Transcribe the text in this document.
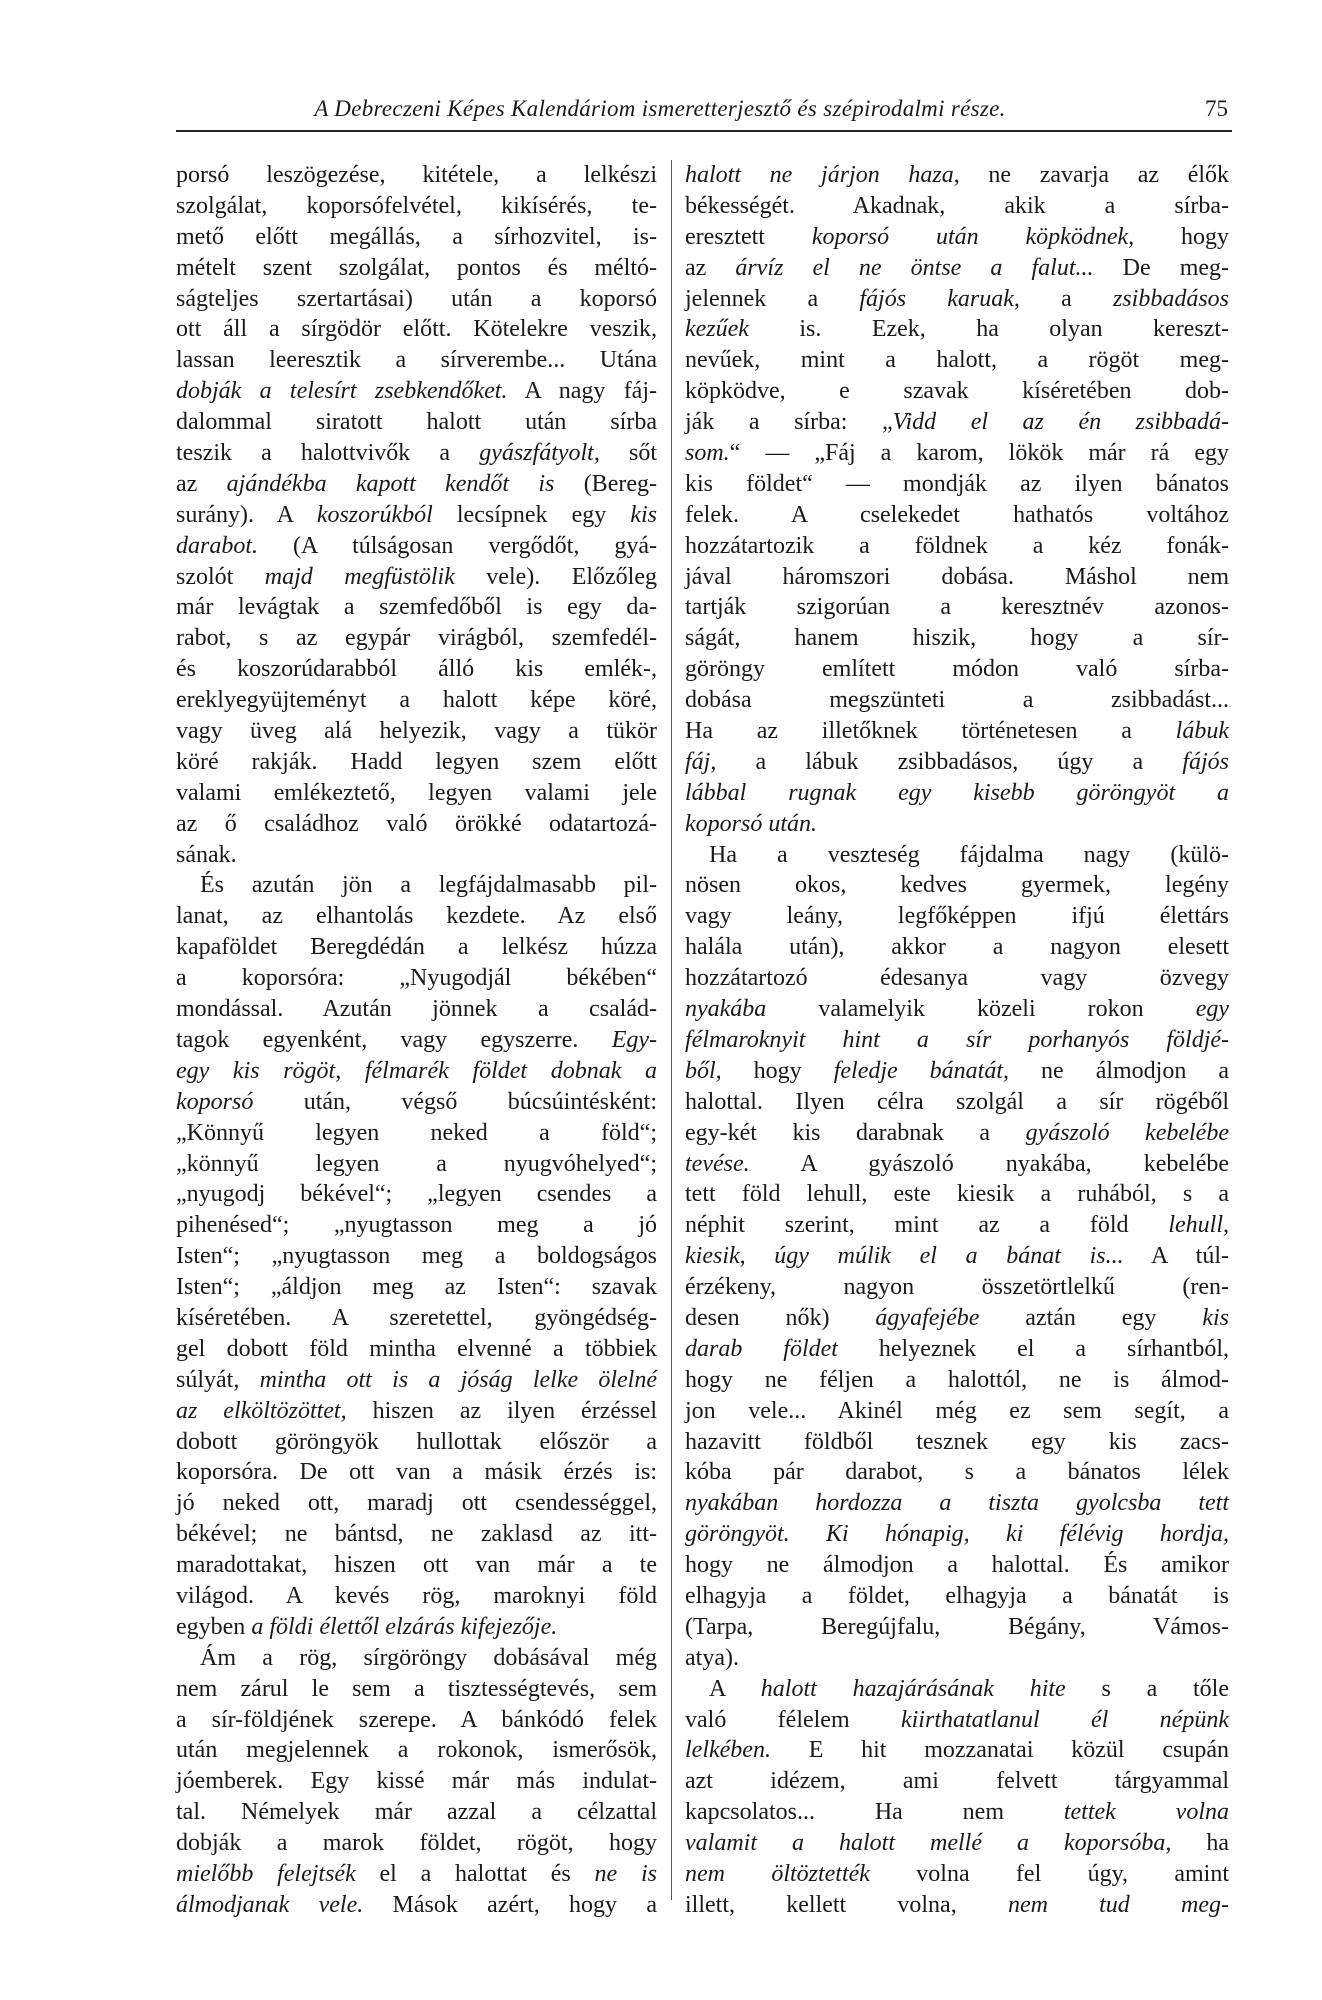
A Debreczeni Képes Kalendáriom ismeretterjesztő és szépirodalmi része.	75
porsó leszögezése, kitétele, a lelkészi
szolgálat, koporsófelvétel, kikísérés, te-
mető előtt megállás, a sírhozvitel, is-
mételt szent szolgálat, pontos és méltó-
ságteljes szertartásai) után a koporsó
ott áll a sírgödör előtt. Kötelekre veszik,
lassan leeresztik a sírverembe... Utána
dobják a telesírt zsebkendőket. A nagy fáj-
dalommal siratott halott után sírba
teszik a halottvivők a gyászfátyolt, sőt
az ajándékba kapott kendőt is (Bereg-
surány). A koszorúkból lecsípnek egy kis
darabot. (A túlságosan vergődőt, gyá-
szolót majd megfüstölik vele). Előzőleg
már levágtak a szemfedőből is egy da-
rabot, s az egypár virágból, szemfedél-
és koszorúdarabból álló kis emlék-,
ereklyegyüjteményt a halott képe köré,
vagy üveg alá helyezik, vagy a tükör
köré rakják. Hadd legyen szem előtt
valami emlékeztető, legyen valami jele
az ő családhoz való örökké odatartozá-
sának.
És azután jön a legfájdalmasabb pil-
lanat, az elhantolás kezdete. Az első
kapaföldet Beregdédán a lelkész húzza
a koporsóra: „Nyugodjál békében“
mondással. Azután jönnek a család-
tagok egyenként, vagy egyszerre. Egy-
egy kis rögöt, félmarék földet dobnak a
koporsó után, végső búcsúintésként:
„Könnyű legyen neked a föld“;
„könnyű legyen a nyugvóhelyed“;
„nyugodj békével“; „legyen csendes a
pihenésed“; „nyugtasson meg a jó
Isten“; „nyugtasson meg a boldogságos
Isten“; „áldjon meg az Isten“: szavak
kíséretében. A szeretettel, gyöngédség-
gel dobott föld mintha elvenné a többiek
súlyát, mintha ott is a jóság lelke ölelné
az elköltözöttet, hiszen az ilyen érzéssel
dobott göröngyök hullottak először a
koporsóra. De ott van a másik érzés is:
jó neked ott, maradj ott csendességgel,
békével; ne bántsd, ne zaklasd az itt-
maradottakat, hiszen ott van már a te
világod. A kevés rög, maroknyi föld
egyben a földi élettől elzárás kifejezője.
Ám a rög, sírgöröngy dobásával még
nem zárul le sem a tisztességtevés, sem
a sír-földjének szerepe. A bánkódó felek
után megjelennek a rokonok, ismerősök,
jóemberek. Egy kissé már más indulat-
tal. Némelyek már azzal a célzattal
dobják a marok földet, rögöt, hogy
mielőbb felejtsék el a halottat és ne is
álmodjanak vele. Mások azért, hogy a
halott ne járjon haza, ne zavarja az élők
békességét. Akadnak, akik a sírba-
eresztett koporsó után köpködnek, hogy
az árvíz el ne öntse a falut... De meg-
jelennek a fájós karuak, a zsibbadásos
kezűek is. Ezek, ha olyan kereszt-
nevűek, mint a halott, a rögöt meg-
köpködve, e szavak kíséretében dob-
ják a sírba: „Vidd el az én zsibbadá-
som.“ — „Fáj a karom, lökök már rá egy
kis földet“ — mondják az ilyen bánatos
felek. A cselekedet hathatós voltához
hozzátartozik a földnek a kéz fonák-
jával háromszori dobása. Máshol nem
tartják szigorúan a keresztnév azonos-
ságát, hanem hiszik, hogy a sír-
göröngy említett módon való sírba-
dobása megszünteti a zsibbadást...
Ha az illetőknek történetesen a lábuk
fáj, a lábuk zsibbadásos, úgy a fájós
lábbal rugnak egy kisebb göröngyöt a
koporsó után.
Ha a veszteség fájdalma nagy (külö-
nösen okos, kedves gyermek, legény
vagy leány, legfőképpen ifjú élettárs
halála után), akkor a nagyon elesett
hozzátartozó édesanya vagy özvegy
nyakába valamelyik közeli rokon egy
félmaroknyit hint a sír porhanyós földjé-
ből, hogy feledje bánatát, ne álmodjon a
halottal. Ilyen célra szolgál a sír rögéből
egy-két kis darabnak a gyászoló kebelébe
tevése. A gyászoló nyakába, kebelébe
tett föld lehull, este kiesik a ruhából, s a
néphit szerint, mint az a föld lehull,
kiesik, úgy múlik el a bánat is... A túl-
érzékeny, nagyon összetörtlelkű (ren-
desen nők) ágyafejébe aztán egy kis
darab földet helyeznek el a sírhantból,
hogy ne féljen a halottól, ne is álmod-
jon vele... Akinél még ez sem segít, a
hazavitt földből tesznek egy kis zacs-
kóba pár darabot, s a bánatos lélek
nyakában hordozza a tiszta gyolcsba tett
göröngyöt. Ki hónapig, ki félévig hordja,
hogy ne álmodjon a halottal. És amikor
elhagyja a földet, elhagyja a bánatát is
(Tarpa, Beregújfalu, Bégány, Vámos-
atya).
A halott hazajárásának hite s a tőle
való félelem kiirthatatlanul él népünk
lelkében. E hit mozzanatai közül csupán
azt idézem, ami felvett tárgyammal
kapcsolatos... Ha nem tettek volna
valamit a halott mellé a koporsóba, ha
nem öltöztették volna fel úgy, amint
illett, kellett volna, nem tud meg-
